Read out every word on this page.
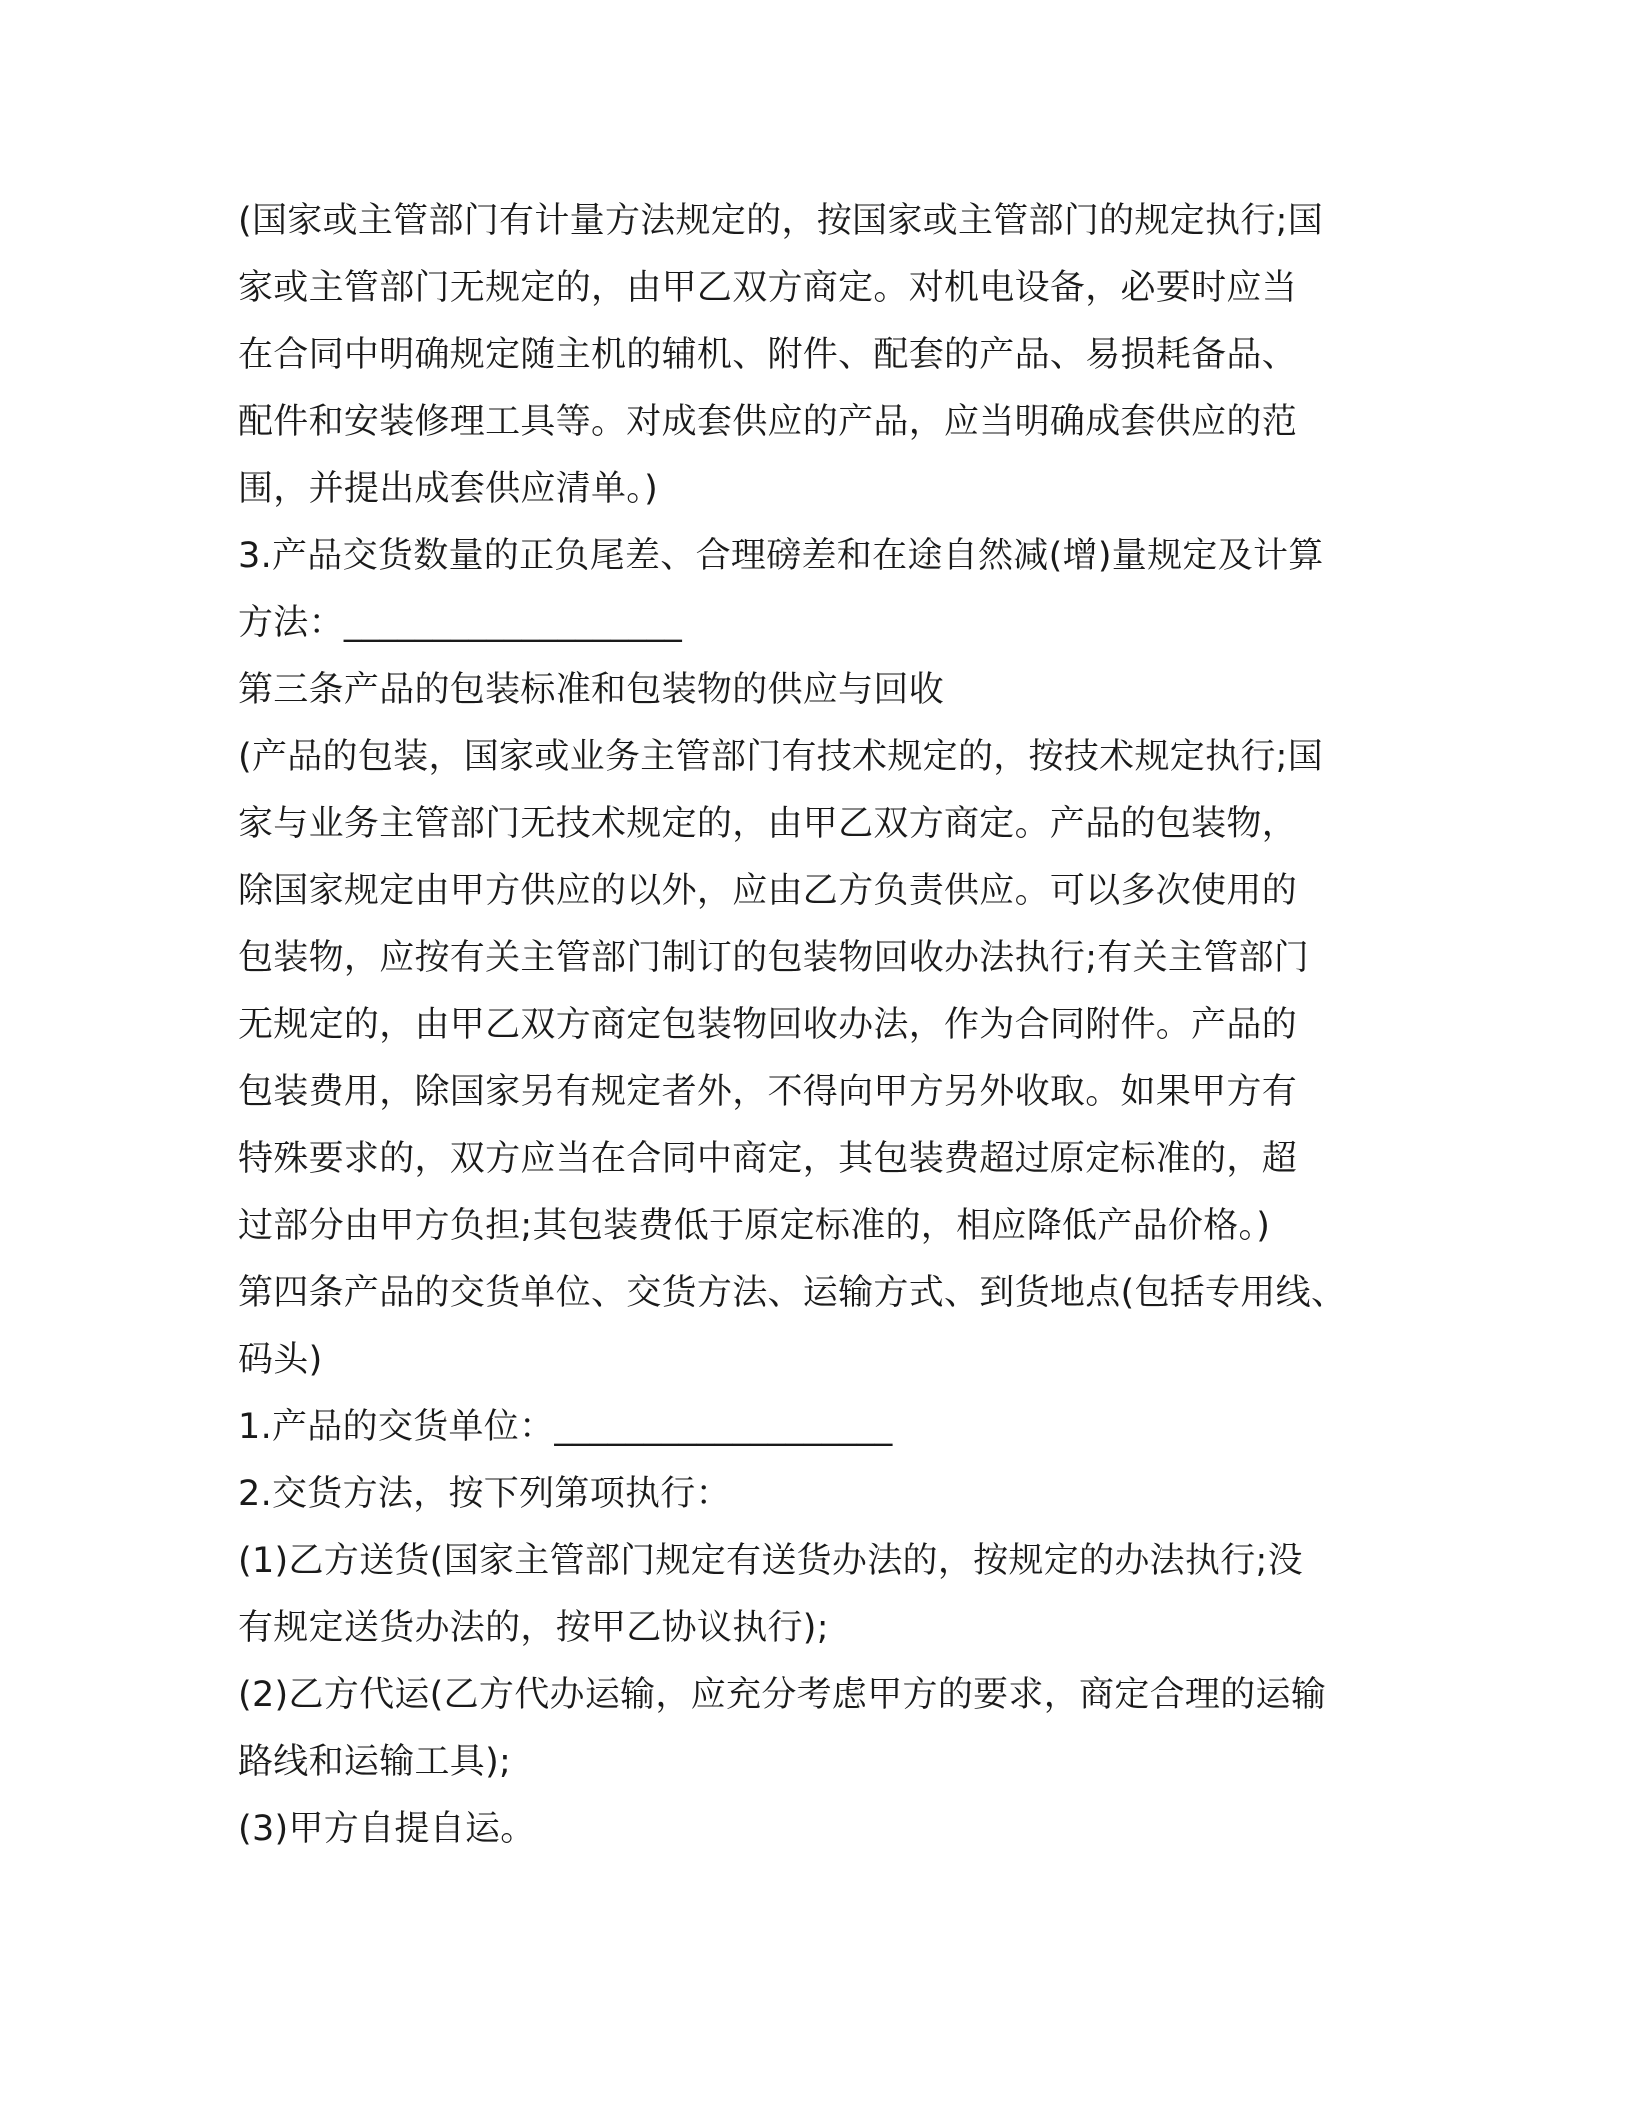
(国家或主管部门有计量方法规定的，按国家或主管部门的规定执行;国
家或主管部门无规定的，由甲乙双方商定。对机电设备，必要时应当
在合同中明确规定随主机的辅机、附件、配套的产品、易损耗备品、
配件和安装修理工具等。对成套供应的产品，应当明确成套供应的范
围，并提出成套供应清单。)
3.产品交货数量的正负尾差、合理磅差和在途自然减(增)量规定及计算
方法：___________________
第三条产品的包装标准和包装物的供应与回收
(产品的包装，国家或业务主管部门有技术规定的，按技术规定执行;国
家与业务主管部门无技术规定的，由甲乙双方商定。产品的包装物，
除国家规定由甲方供应的以外，应由乙方负责供应。可以多次使用的
包装物，应按有关主管部门制订的包装物回收办法执行;有关主管部门
无规定的，由甲乙双方商定包装物回收办法，作为合同附件。产品的
包装费用，除国家另有规定者外，不得向甲方另外收取。如果甲方有
特殊要求的，双方应当在合同中商定，其包装费超过原定标准的，超
过部分由甲方负担;其包装费低于原定标准的，相应降低产品价格。)
第四条产品的交货单位、交货方法、运输方式、到货地点(包括专用线、
码头)
1.产品的交货单位：___________________
2.交货方法，按下列第项执行：
(1)乙方送货(国家主管部门规定有送货办法的，按规定的办法执行;没
有规定送货办法的，按甲乙协议执行);
(2)乙方代运(乙方代办运输，应充分考虑甲方的要求，商定合理的运输
路线和运输工具);
(3)甲方自提自运。
